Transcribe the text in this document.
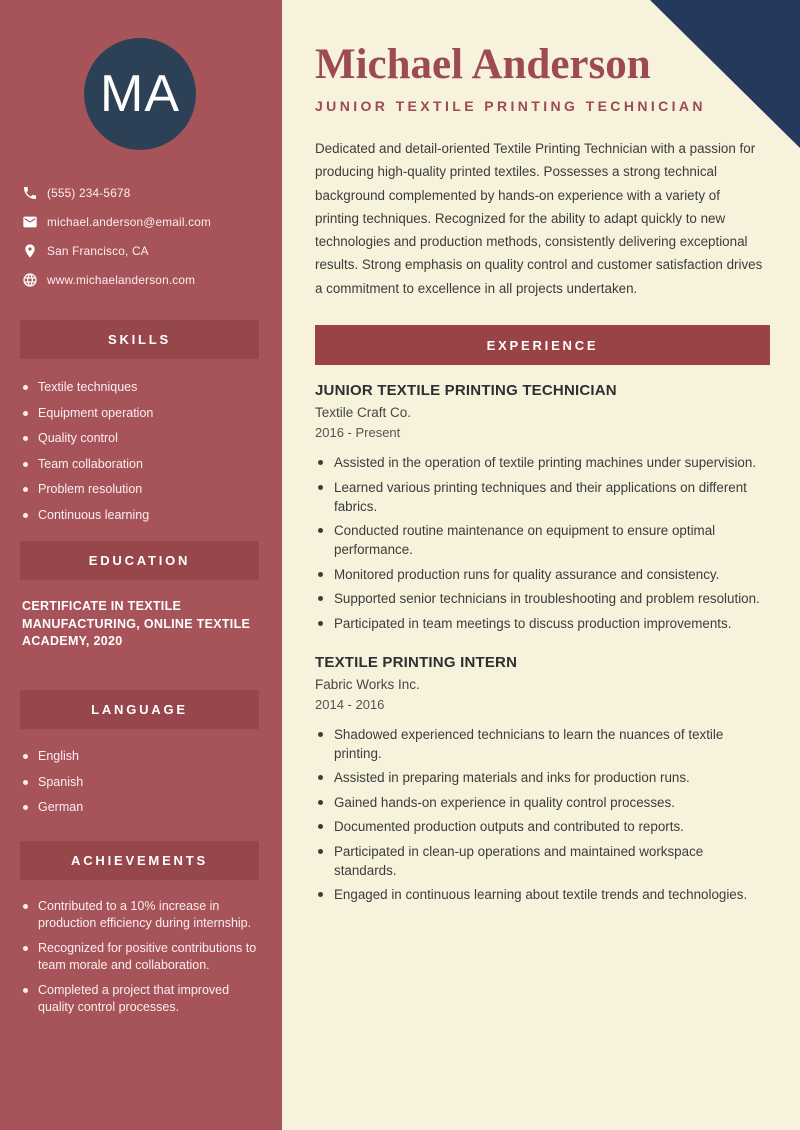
MA
(555) 234-5678
michael.anderson@email.com
San Francisco, CA
www.michaelanderson.com
SKILLS
Textile techniques
Equipment operation
Quality control
Team collaboration
Problem resolution
Continuous learning
EDUCATION
CERTIFICATE IN TEXTILE MANUFACTURING, ONLINE TEXTILE ACADEMY, 2020
LANGUAGE
English
Spanish
German
ACHIEVEMENTS
Contributed to a 10% increase in production efficiency during internship.
Recognized for positive contributions to team morale and collaboration.
Completed a project that improved quality control processes.
Michael Anderson
JUNIOR TEXTILE PRINTING TECHNICIAN
Dedicated and detail-oriented Textile Printing Technician with a passion for producing high-quality printed textiles. Possesses a strong technical background complemented by hands-on experience with a variety of printing techniques. Recognized for the ability to adapt quickly to new technologies and production methods, consistently delivering exceptional results. Strong emphasis on quality control and customer satisfaction drives a commitment to excellence in all projects undertaken.
EXPERIENCE
JUNIOR TEXTILE PRINTING TECHNICIAN
Textile Craft Co.
2016 - Present
Assisted in the operation of textile printing machines under supervision.
Learned various printing techniques and their applications on different fabrics.
Conducted routine maintenance on equipment to ensure optimal performance.
Monitored production runs for quality assurance and consistency.
Supported senior technicians in troubleshooting and problem resolution.
Participated in team meetings to discuss production improvements.
TEXTILE PRINTING INTERN
Fabric Works Inc.
2014 - 2016
Shadowed experienced technicians to learn the nuances of textile printing.
Assisted in preparing materials and inks for production runs.
Gained hands-on experience in quality control processes.
Documented production outputs and contributed to reports.
Participated in clean-up operations and maintained workspace standards.
Engaged in continuous learning about textile trends and technologies.
